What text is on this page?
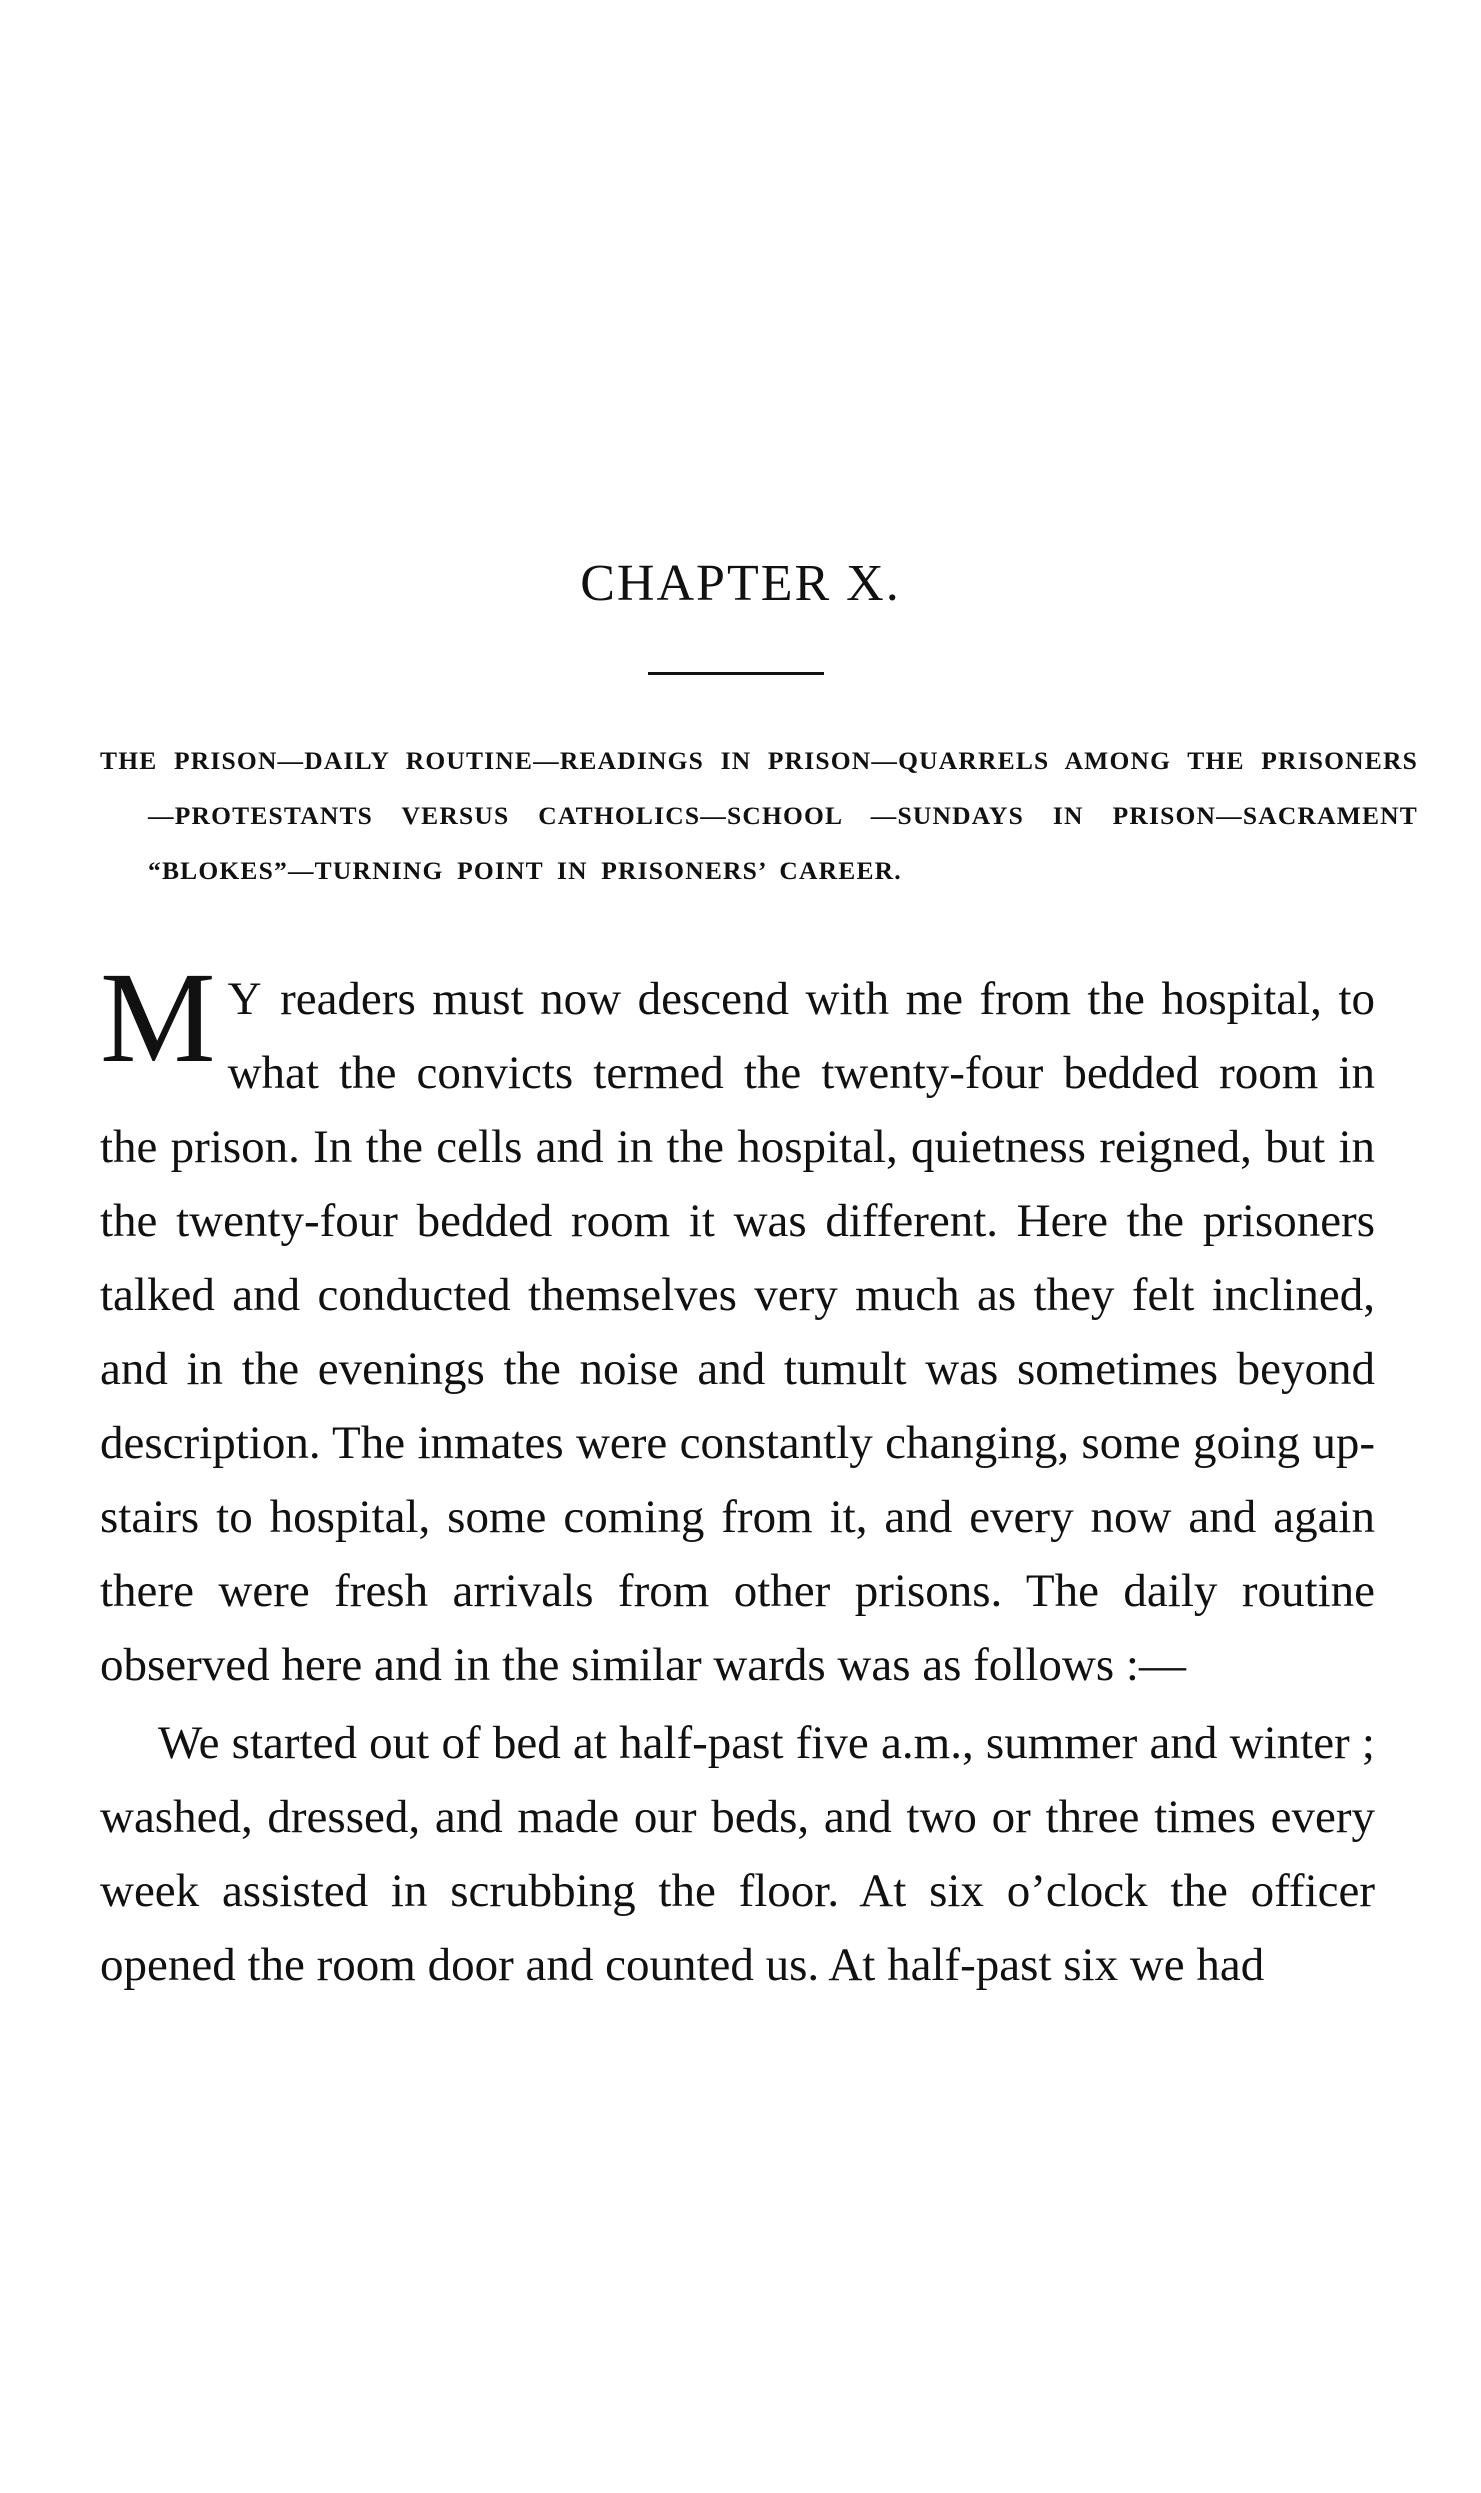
CHAPTER X.

THE PRISON—DAILY ROUTINE—READINGS IN PRISON—QUARRELS AMONG THE PRISONERS—PROTESTANTS VERSUS CATHOLICS—SCHOOL —SUNDAYS IN PRISON—SACRAMENT “BLOKES”—TURNING POINT IN PRISONERS’ CAREER.

M Y readers must now descend with me from the hospital, to what the convicts termed the twenty-four bedded room in the prison. In the cells and in the hospital, quietness reigned, but in the twenty-four bedded room it was different. Here the prisoners talked and conducted themselves very much as they felt inclined, and in the evenings the noise and tumult was sometimes beyond description. The inmates were constantly changing, some going up-stairs to hospital, some coming from it, and every now and again there were fresh arrivals from other prisons. The daily routine observed here and in the similar wards was as follows :—

We started out of bed at half-past five a.m., summer and winter ; washed, dressed, and made our beds, and two or three times every week assisted in scrubbing the floor. At six o’clock the officer opened the room door and counted us. At half-past six we had
